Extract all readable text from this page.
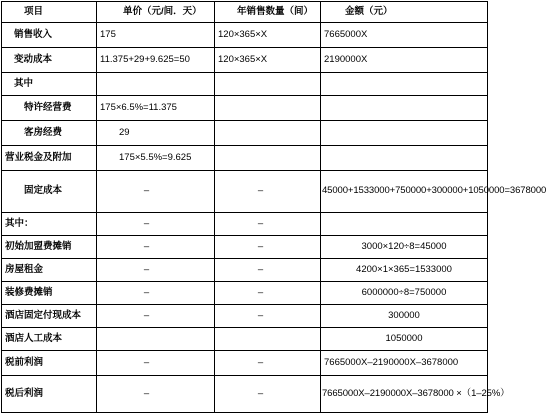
项目	单价（元/间．天）	年销售数量（间）	金额（元）
销售收入	175	120×365×X	7665000X
变动成本	11.375+29+9.625=50	120×365×X	2190000X
其中			
特许经营费	175×6.5%=11.375		
客房经费	29		
营业税金及附加	175×5.5%=9.625		
固定成本	–	–	45000+1533000+750000+300000+1050000=3678000
其中：	–	–	
初始加盟费摊销	–	–	3000×120÷8=45000
房屋租金	–	–	4200×1×365=1533000
装修费摊销	–	–	6000000÷8=750000
酒店固定付现成本	–	–	300000
酒店人工成本			1050000
税前利润	–	–	7665000X–2190000X–3678000
税后利润	–	–	7665000X–2190000X–3678000 ×（1–25%）
